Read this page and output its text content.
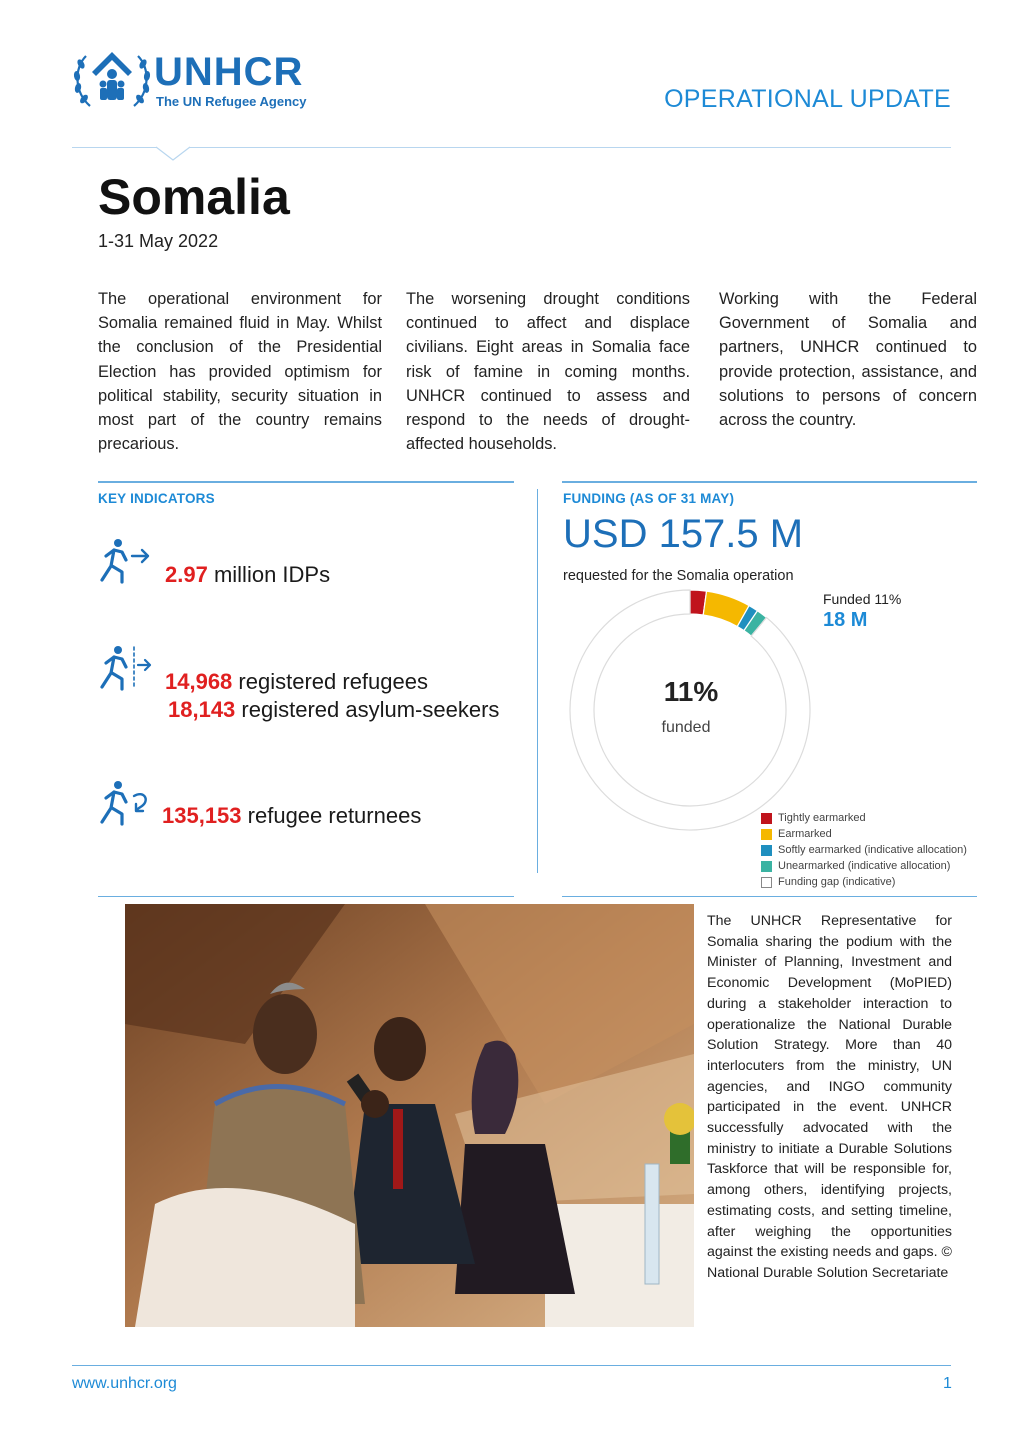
UNHCR
The UN Refugee Agency	OPERATIONAL UPDATE
Somalia
1-31 May 2022
The operational environment for Somalia remained fluid in May. Whilst the conclusion of the Presidential Election has provided optimism for political stability, security situation in most part of the country remains precarious.
The worsening drought conditions continued to affect and displace civilians. Eight areas in Somalia face risk of famine in coming months. UNHCR continued to assess and respond to the needs of drought- affected households.
Working with the Federal Government of Somalia and partners, UNHCR continued to provide protection, assistance, and solutions to persons of concern across the country.
KEY INDICATORS
2.97 million IDPs
14,968 registered refugees
18,143 registered asylum-seekers
135,153 refugee returnees
FUNDING (AS OF 31 MAY)
USD 157.5 M
requested for the Somalia operation
11%
funded
Funded 11%
18 M
Tightly earmarked
Earmarked
Softly earmarked (indicative allocation)
Unearmarked (indicative allocation)
Funding gap (indicative)
The UNHCR Representative for Somalia sharing the podium with the Minister of Planning, Investment and Economic Development (MoPIED) during a stakeholder interaction to operationalize the National Durable Solution Strategy. More than 40 interlocuters from the ministry, UN agencies, and INGO community participated in the event. UNHCR successfully advocated with the ministry to initiate a Durable Solutions Taskforce that will be responsible for, among others, identifying projects, estimating costs, and setting timeline, after weighing the opportunities against the existing needs and gaps. © National Durable Solution Secretariate
www.unhcr.org	1
